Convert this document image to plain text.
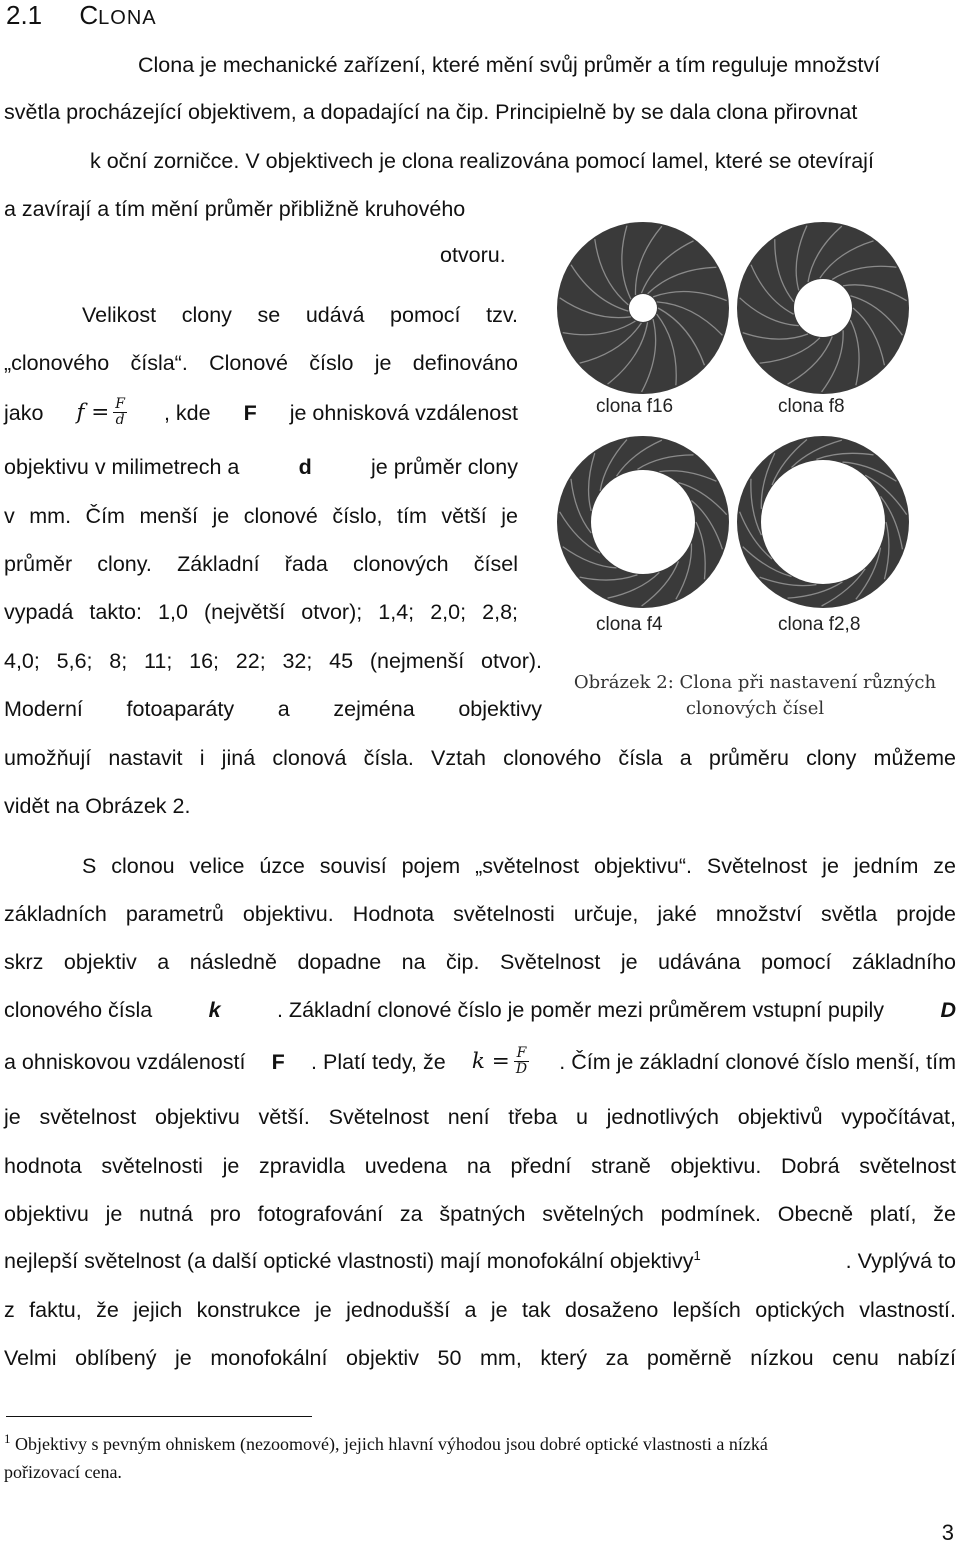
2.1 CLONA
Clona je mechanické zařízení, které mění svůj průměr a tím reguluje množství
světla procházející objektivem, a dopadající na čip. Principielně by se dala clona přirovnat
k oční zorničce. V objektivech je clona realizována pomocí lamel, které se otevírají
a zavírají a tím mění průměr přibližně kruhového
otvoru.
Velikost clony se udává pomocí tzv.
„clonového čísla“. Clonové číslo je definováno
jako $f = \frac{F}{d}$ , kde F je ohnisková vzdálenost
objektivu v milimetrech a	d	je průměr clony
v mm. Čím menší je clonové číslo, tím větší je
průměr clony. Základní řada clonových čísel
vypadá takto: 1,0 (největší otvor); 1,4; 2,0; 2,8;
4,0; 5,6; 8; 11; 16; 22; 32; 45 (nejmenší otvor).
Moderní fotoaparáty a zejména objektivy
umožňují nastavit i jiná clonová čísla. Vztah clonového čísla a průměru clony můžeme
vidět na Obrázek 2.
clona f16	clona f8
clona f4	clona f2,8
Obrázek 2: Clona při nastavení různých
clonových čísel
S clonou velice úzce souvisí pojem „světelnost objektivu“. Světelnost je jedním ze
základních parametrů objektivu. Hodnota světelnosti určuje, jaké množství světla projde
skrz objektiv a následně dopadne na čip. Světelnost je udávána pomocí základního
clonového čísla	k	. Základní clonové číslo je poměr mezi průměrem vstupní pupily	D
a ohniskovou vzdáleností F . Platí tedy, že $k = \frac{F}{D}$ . Čím je základní clonové číslo menší, tím
je světelnost objektivu větší. Světelnost není třeba u jednotlivých objektivů vypočítávat,
hodnota světelnosti je zpravidla uvedena na přední straně objektivu. Dobrá světelnost
objektivu je nutná pro fotografování za špatných světelných podmínek. Obecně platí, že
nejlepší světelnost (a další optické vlastnosti) mají monofokální objektivy$^1$	. Vyplývá to
z faktu, že jejich konstrukce je jednodušší a je tak dosaženo lepších optických vlastností.
Velmi oblíbený je monofokální objektiv 50 mm, který za poměrně nízkou cenu nabízí
$^1$ Objektivy s pevným ohniskem (nezoomové), jejich hlavní výhodou jsou dobré optické vlastnosti a nízká
pořizovací cena.
3
